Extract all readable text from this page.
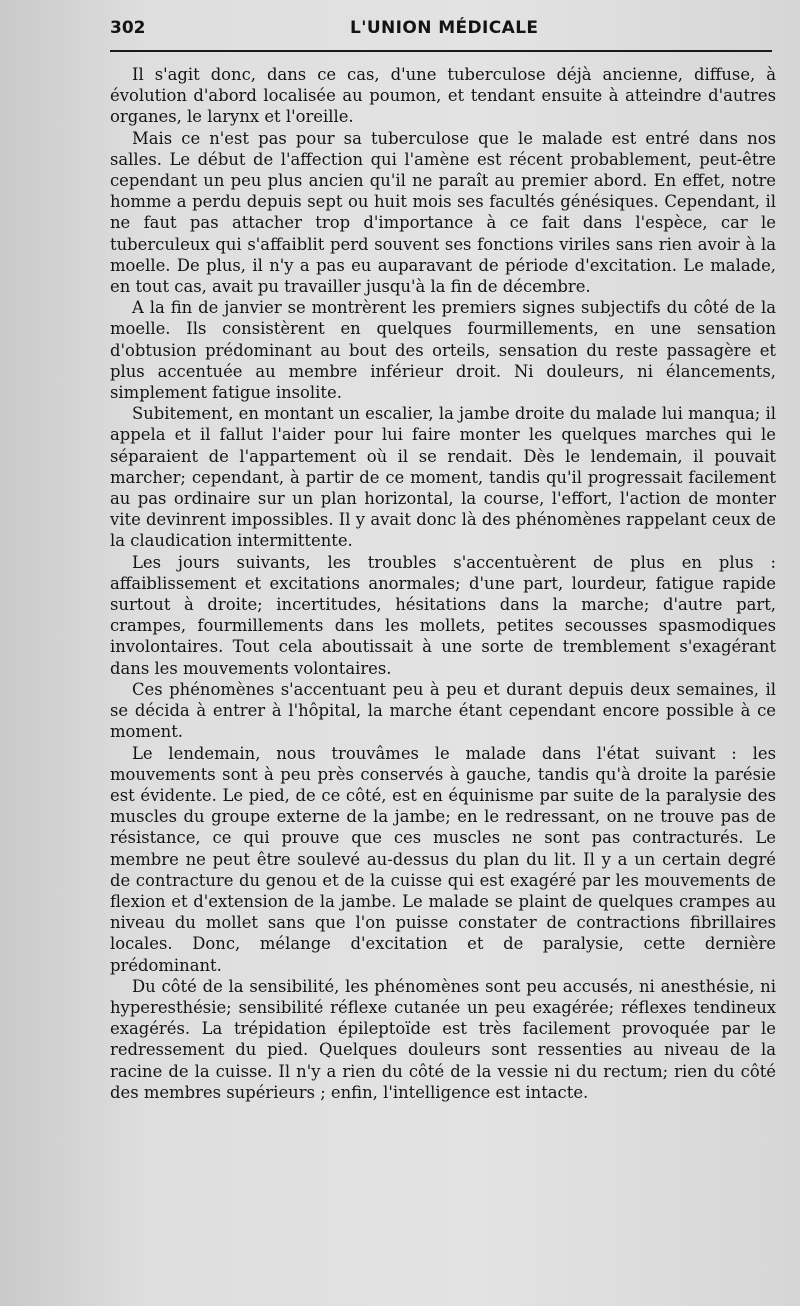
302	L'UNION MÉDICALE

Il s'agit donc, dans ce cas, d'une tuberculose déjà ancienne, diffuse, à évolution d'abord localisée au poumon, et tendant ensuite à atteindre d'autres organes, le larynx et l'oreille.

Mais ce n'est pas pour sa tuberculose que le malade est entré dans nos salles. Le début de l'affection qui l'amène est récent probablement, peut-être cependant un peu plus ancien qu'il ne paraît au premier abord. En effet, notre homme a perdu depuis sept ou huit mois ses facultés génésiques. Cependant, il ne faut pas attacher trop d'importance à ce fait dans l'espèce, car le tuberculeux qui s'affaiblit perd souvent ses fonctions viriles sans rien avoir à la moelle. De plus, il n'y a pas eu auparavant de période d'excitation. Le malade, en tout cas, avait pu travailler jusqu'à la fin de décembre.

A la fin de janvier se montrèrent les premiers signes subjectifs du côté de la moelle. Ils consistèrent en quelques fourmillements, en une sensation d'obtusion prédominant au bout des orteils, sensation du reste passagère et plus accentuée au membre inférieur droit. Ni douleurs, ni élancements, simplement fatigue insolite.

Subitement, en montant un escalier, la jambe droite du malade lui manqua; il appela et il fallut l'aider pour lui faire monter les quelques marches qui le séparaient de l'appartement où il se rendait. Dès le lendemain, il pouvait marcher; cependant, à partir de ce moment, tandis qu'il progressait facilement au pas ordinaire sur un plan horizontal, la course, l'effort, l'action de monter vite devinrent impossibles. Il y avait donc là des phénomènes rappelant ceux de la claudication intermittente.

Les jours suivants, les troubles s'accentuèrent de plus en plus : affaiblissement et excitations anormales; d'une part, lourdeur, fatigue rapide surtout à droite; incertitudes, hésitations dans la marche; d'autre part, crampes, fourmillements dans les mollets, petites secousses spasmodiques involontaires. Tout cela aboutissait à une sorte de tremblement s'exagérant dans les mouvements volontaires.

Ces phénomènes s'accentuant peu à peu et durant depuis deux semaines, il se décida à entrer à l'hôpital, la marche étant cependant encore possible à ce moment.

Le lendemain, nous trouvâmes le malade dans l'état suivant : les mouvements sont à peu près conservés à gauche, tandis qu'à droite la parésie est évidente. Le pied, de ce côté, est en équinisme par suite de la paralysie des muscles du groupe externe de la jambe; en le redressant, on ne trouve pas de résistance, ce qui prouve que ces muscles ne sont pas contracturés. Le membre ne peut être soulevé au-dessus du plan du lit. Il y a un certain degré de contracture du genou et de la cuisse qui est exagéré par les mouvements de flexion et d'extension de la jambe. Le malade se plaint de quelques crampes au niveau du mollet sans que l'on puisse constater de contractions fibrillaires locales. Donc, mélange d'excitation et de paralysie, cette dernière prédominant.

Du côté de la sensibilité, les phénomènes sont peu accusés, ni anesthésie, ni hyperesthésie; sensibilité réflexe cutanée un peu exagérée; réflexes tendineux exagérés. La trépidation épileptoïde est très facilement provoquée par le redressement du pied. Quelques douleurs sont ressenties au niveau de la racine de la cuisse. Il n'y a rien du côté de la vessie ni du rectum; rien du côté des membres supérieurs ; enfin, l'intelligence est intacte.
